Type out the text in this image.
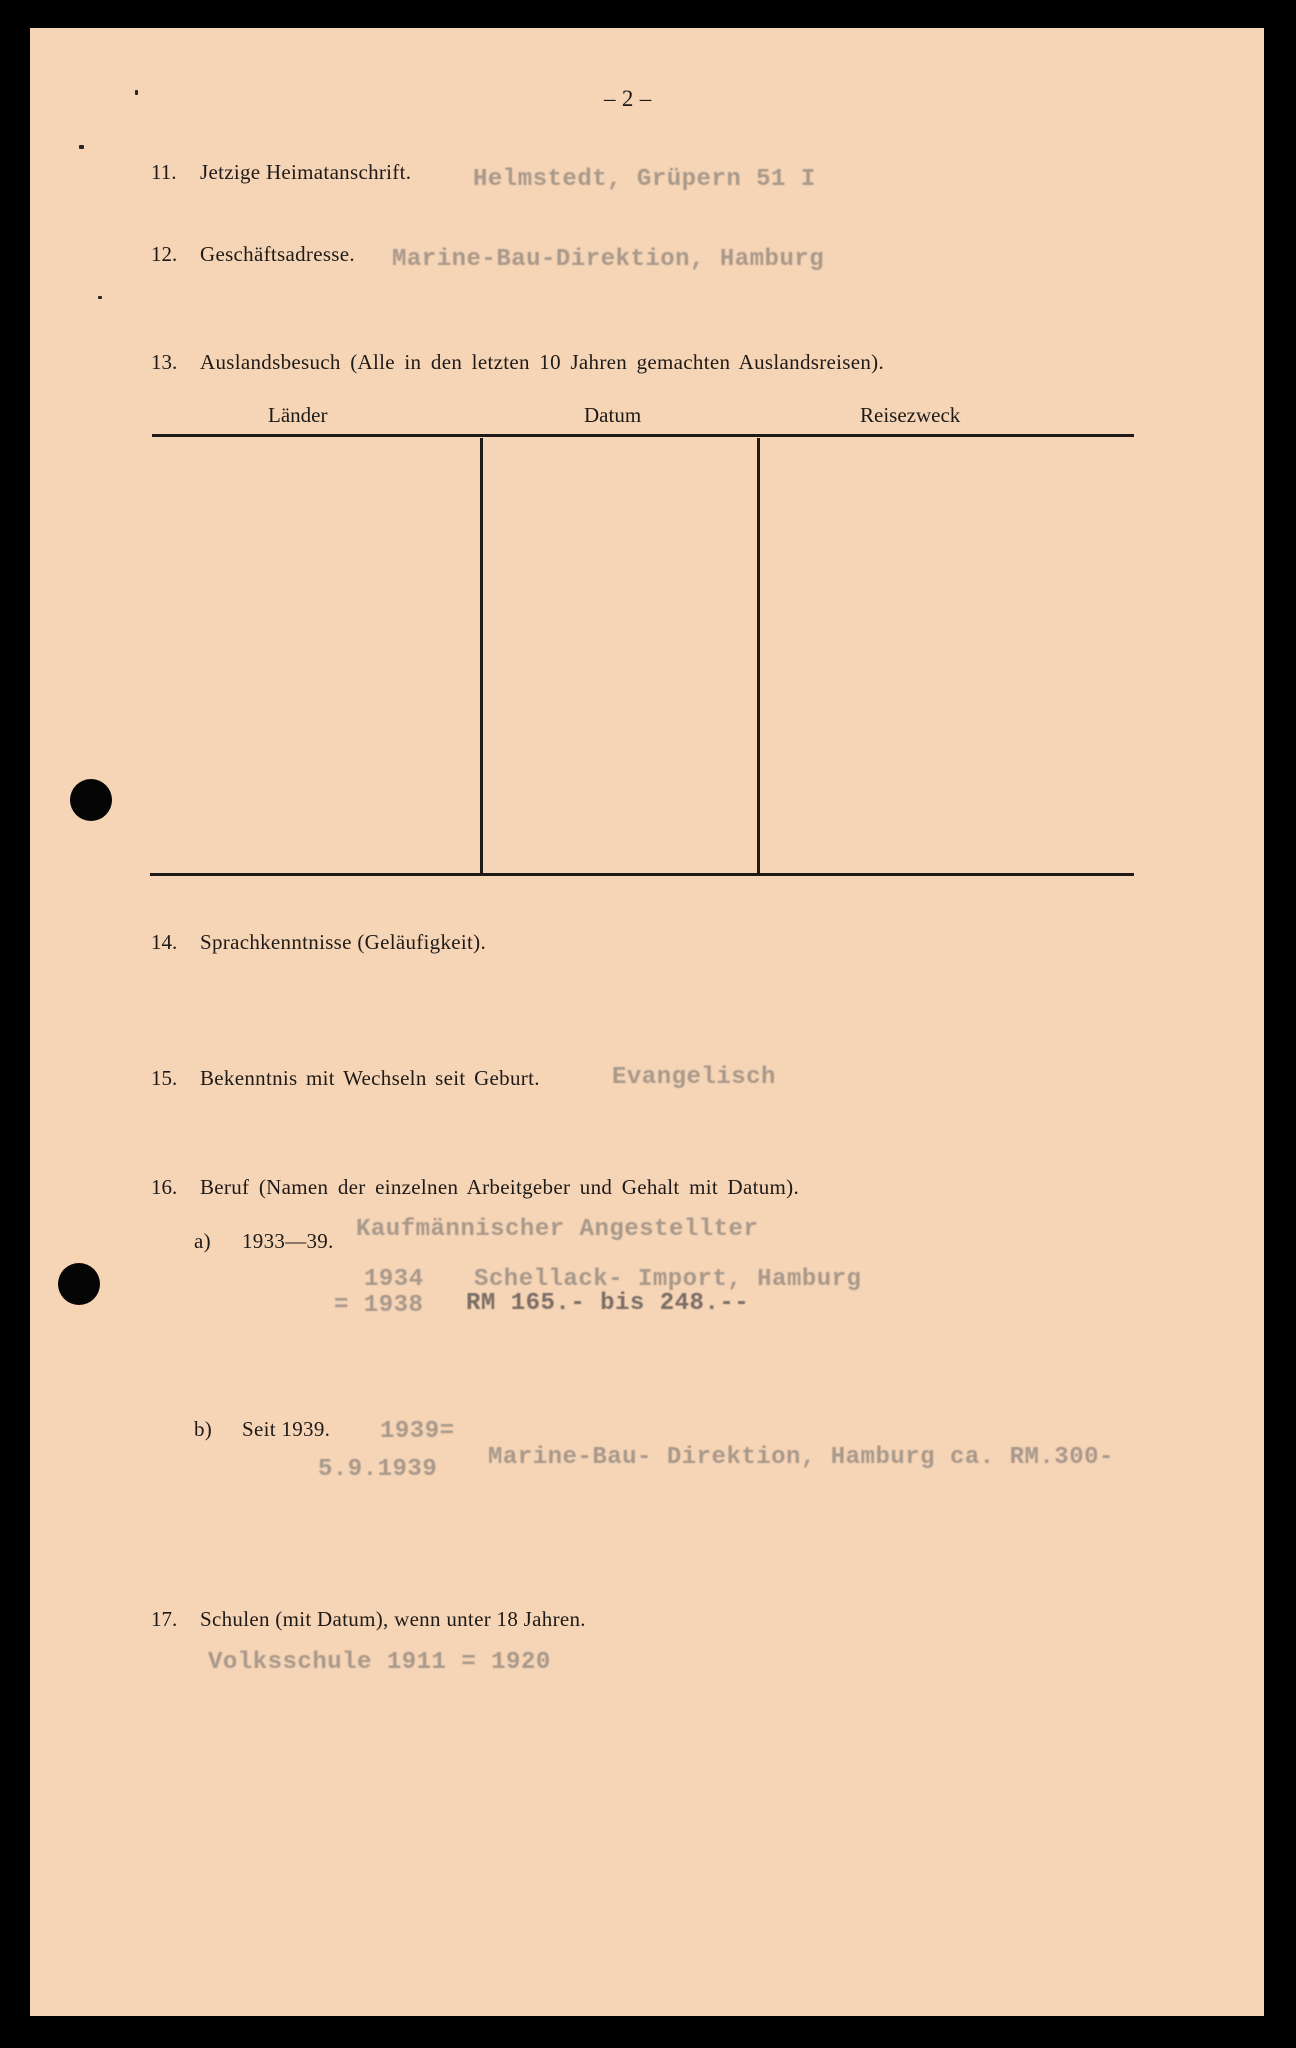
– 2 –
11. Jetzige Heimatanschrift.	Helmstedt, Grüpern 51 I
12. Geschäftsadresse. Marine-Bau-Direktion, Hamburg
13. Auslandsbesuch (Alle in den letzten 10 Jahren gemachten Auslandsreisen).
Länder	Datum	Reisezweck
14. Sprachkenntnisse (Geläufigkeit).
15. Bekenntnis mit Wechseln seit Geburt.	Evangelisch
16. Beruf (Namen der einzelnen Arbeitgeber und Gehalt mit Datum).
a) 1933—39. Kaufmännischer Angestellter
1934 Schellack- Import, Hamburg
= 1938 RM 165.- bis 248.--
b) Seit 1939. 1939=
5.9.1939 Marine-Bau- Direktion, Hamburg ca. RM.300-
17. Schulen (mit Datum), wenn unter 18 Jahren.
Volksschule 1911 = 1920
